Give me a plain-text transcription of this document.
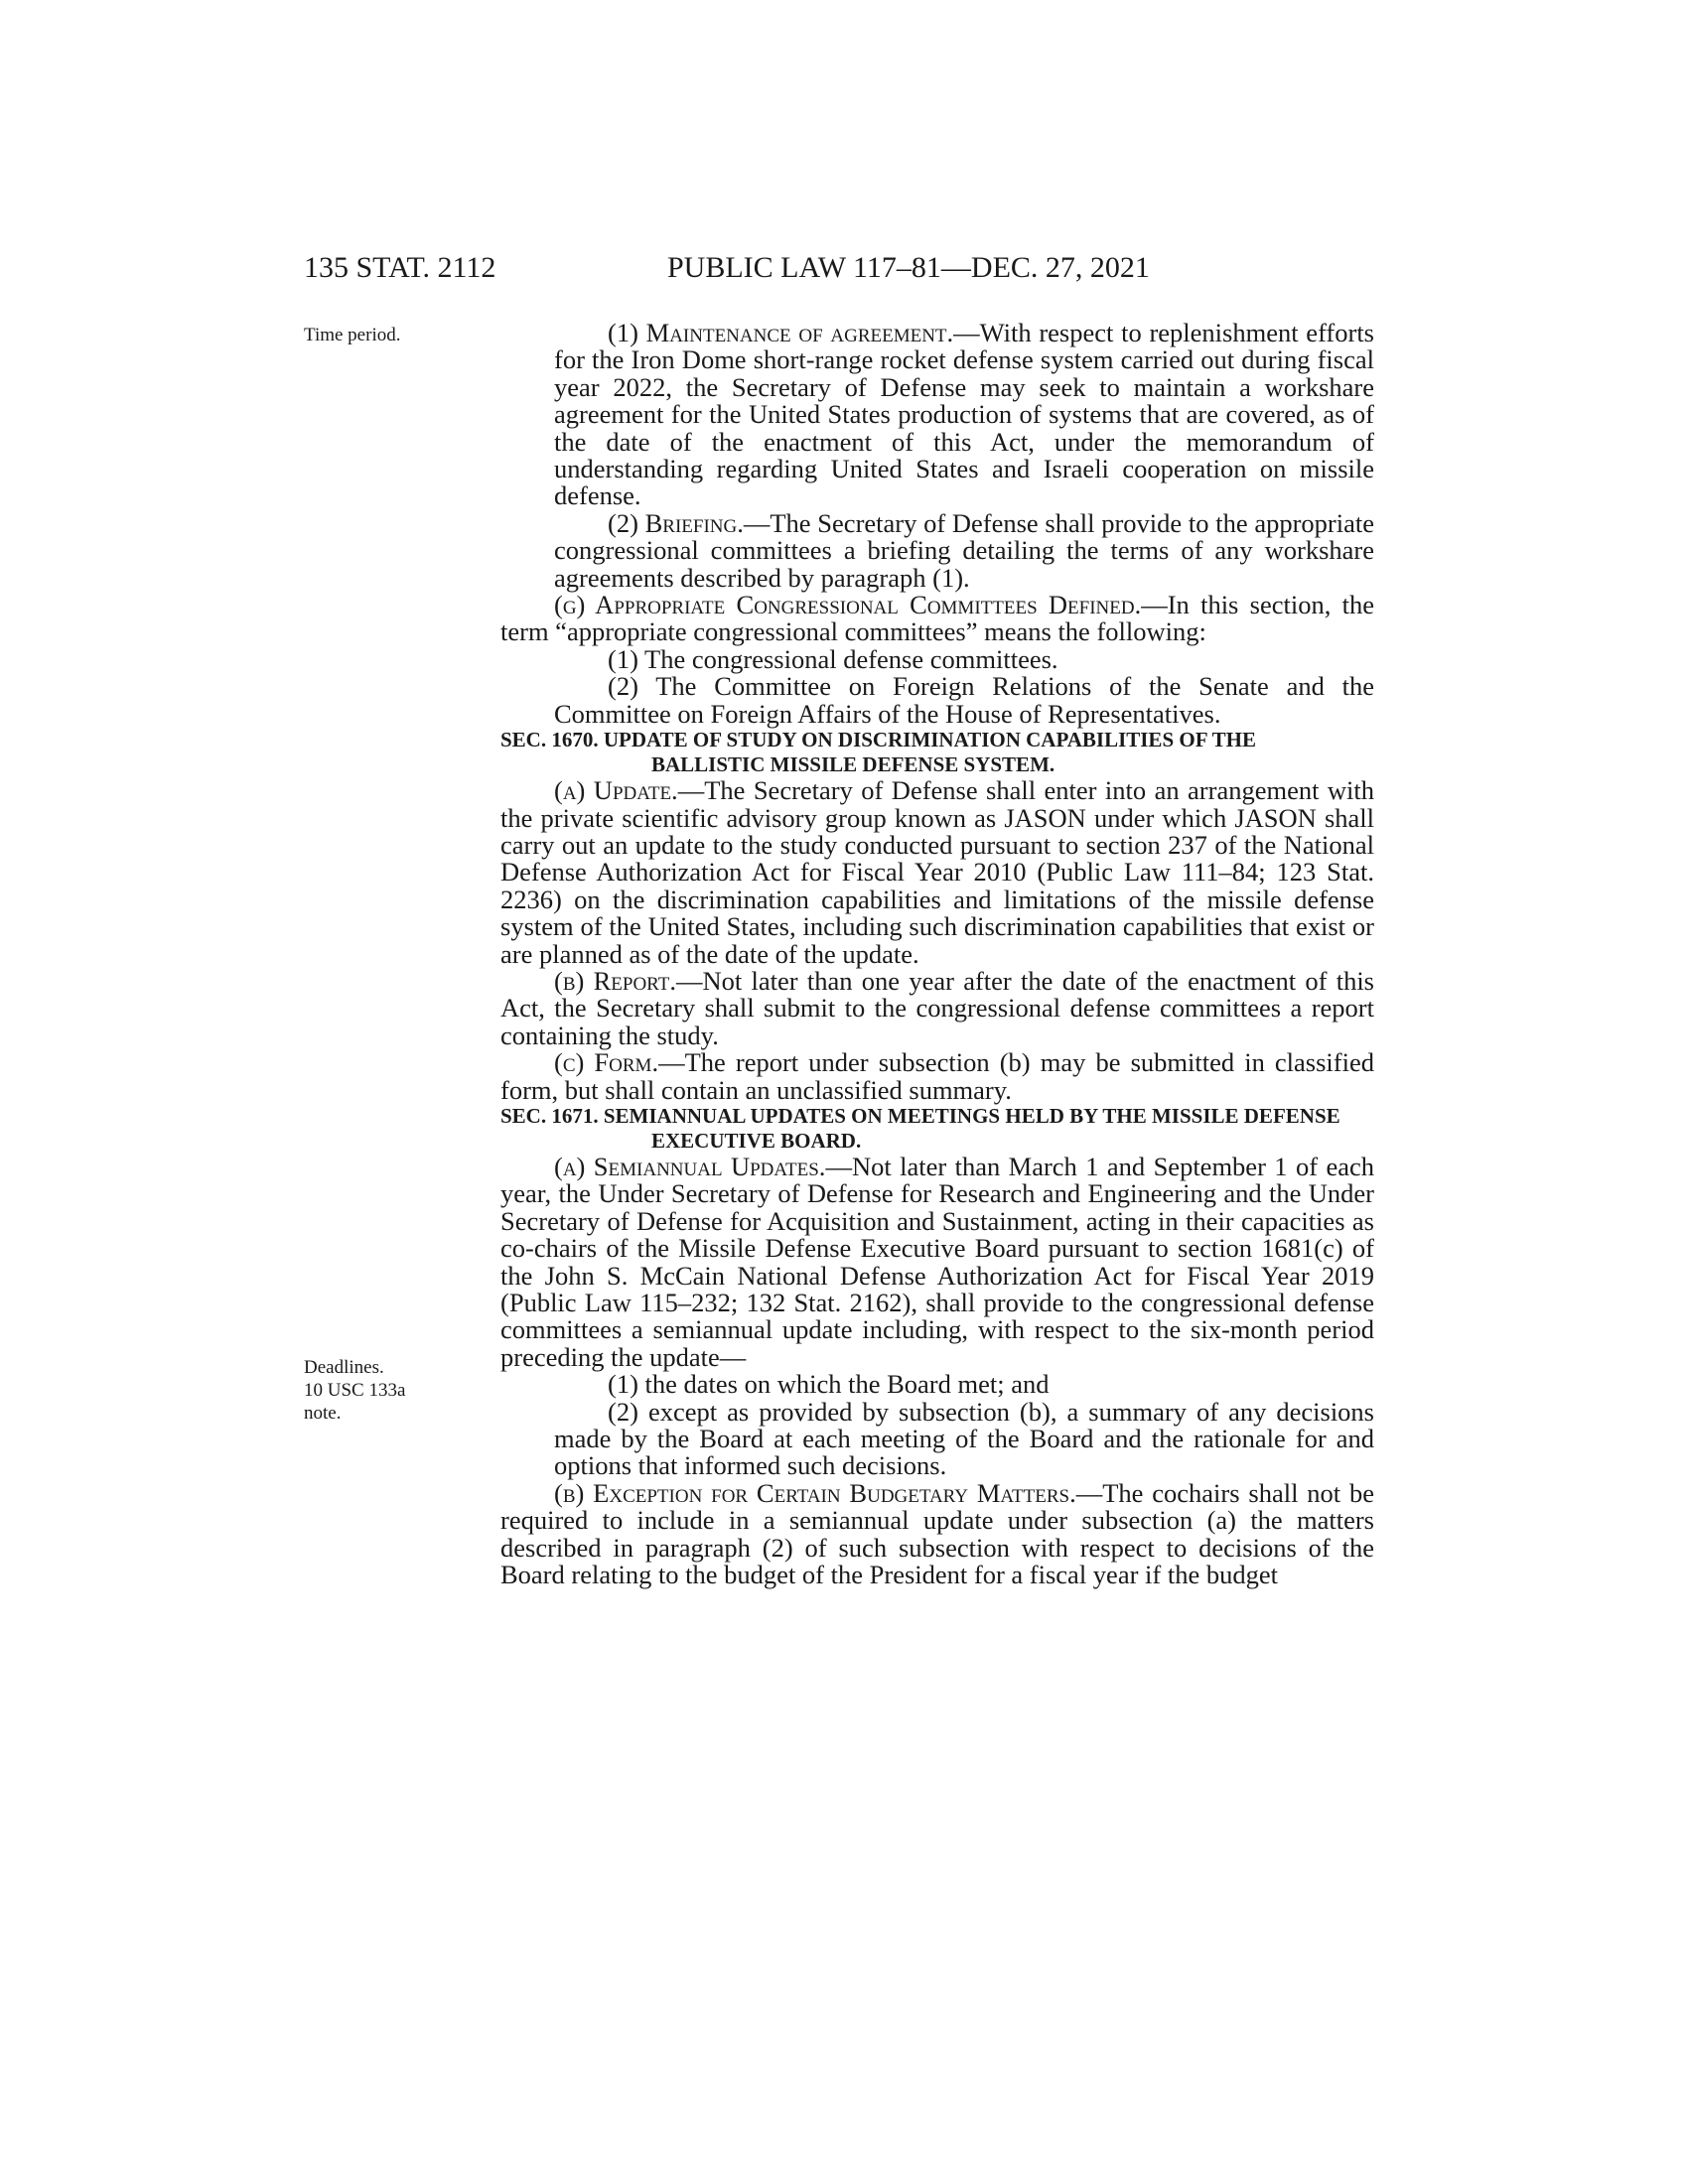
135 STAT. 2112	PUBLIC LAW 117–81—DEC. 27, 2021
Time period.
Deadlines.
10 USC 133a
note.

(1) Maintenance of agreement.—With respect to replenishment efforts for the Iron Dome short-range rocket defense system carried out during fiscal year 2022, the Secretary of Defense may seek to maintain a workshare agreement for the United States production of systems that are covered, as of the date of the enactment of this Act, under the memorandum of understanding regarding United States and Israeli cooperation on missile defense.

(2) Briefing.—The Secretary of Defense shall provide to the appropriate congressional committees a briefing detailing the terms of any workshare agreements described by paragraph (1).

(g) Appropriate Congressional Committees Defined.—In this section, the term “appropriate congressional committees” means the following:

(1) The congressional defense committees.

(2) The Committee on Foreign Relations of the Senate and the Committee on Foreign Affairs of the House of Representatives.

SEC. 1670. UPDATE OF STUDY ON DISCRIMINATION CAPABILITIES OF THE BALLISTIC MISSILE DEFENSE SYSTEM.

(a) Update.—The Secretary of Defense shall enter into an arrangement with the private scientific advisory group known as JASON under which JASON shall carry out an update to the study conducted pursuant to section 237 of the National Defense Authorization Act for Fiscal Year 2010 (Public Law 111–84; 123 Stat. 2236) on the discrimination capabilities and limitations of the missile defense system of the United States, including such discrimination capabilities that exist or are planned as of the date of the update.

(b) Report.—Not later than one year after the date of the enactment of this Act, the Secretary shall submit to the congressional defense committees a report containing the study.

(c) Form.—The report under subsection (b) may be submitted in classified form, but shall contain an unclassified summary.

SEC. 1671. SEMIANNUAL UPDATES ON MEETINGS HELD BY THE MISSILE DEFENSE EXECUTIVE BOARD.

(a) Semiannual Updates.—Not later than March 1 and September 1 of each year, the Under Secretary of Defense for Research and Engineering and the Under Secretary of Defense for Acquisition and Sustainment, acting in their capacities as co-chairs of the Missile Defense Executive Board pursuant to section 1681(c) of the John S. McCain National Defense Authorization Act for Fiscal Year 2019 (Public Law 115–232; 132 Stat. 2162), shall provide to the congressional defense committees a semiannual update including, with respect to the six-month period preceding the update—

(1) the dates on which the Board met; and

(2) except as provided by subsection (b), a summary of any decisions made by the Board at each meeting of the Board and the rationale for and options that informed such decisions.

(b) Exception for Certain Budgetary Matters.—The cochairs shall not be required to include in a semiannual update under subsection (a) the matters described in paragraph (2) of such subsection with respect to decisions of the Board relating to the budget of the President for a fiscal year if the budget
